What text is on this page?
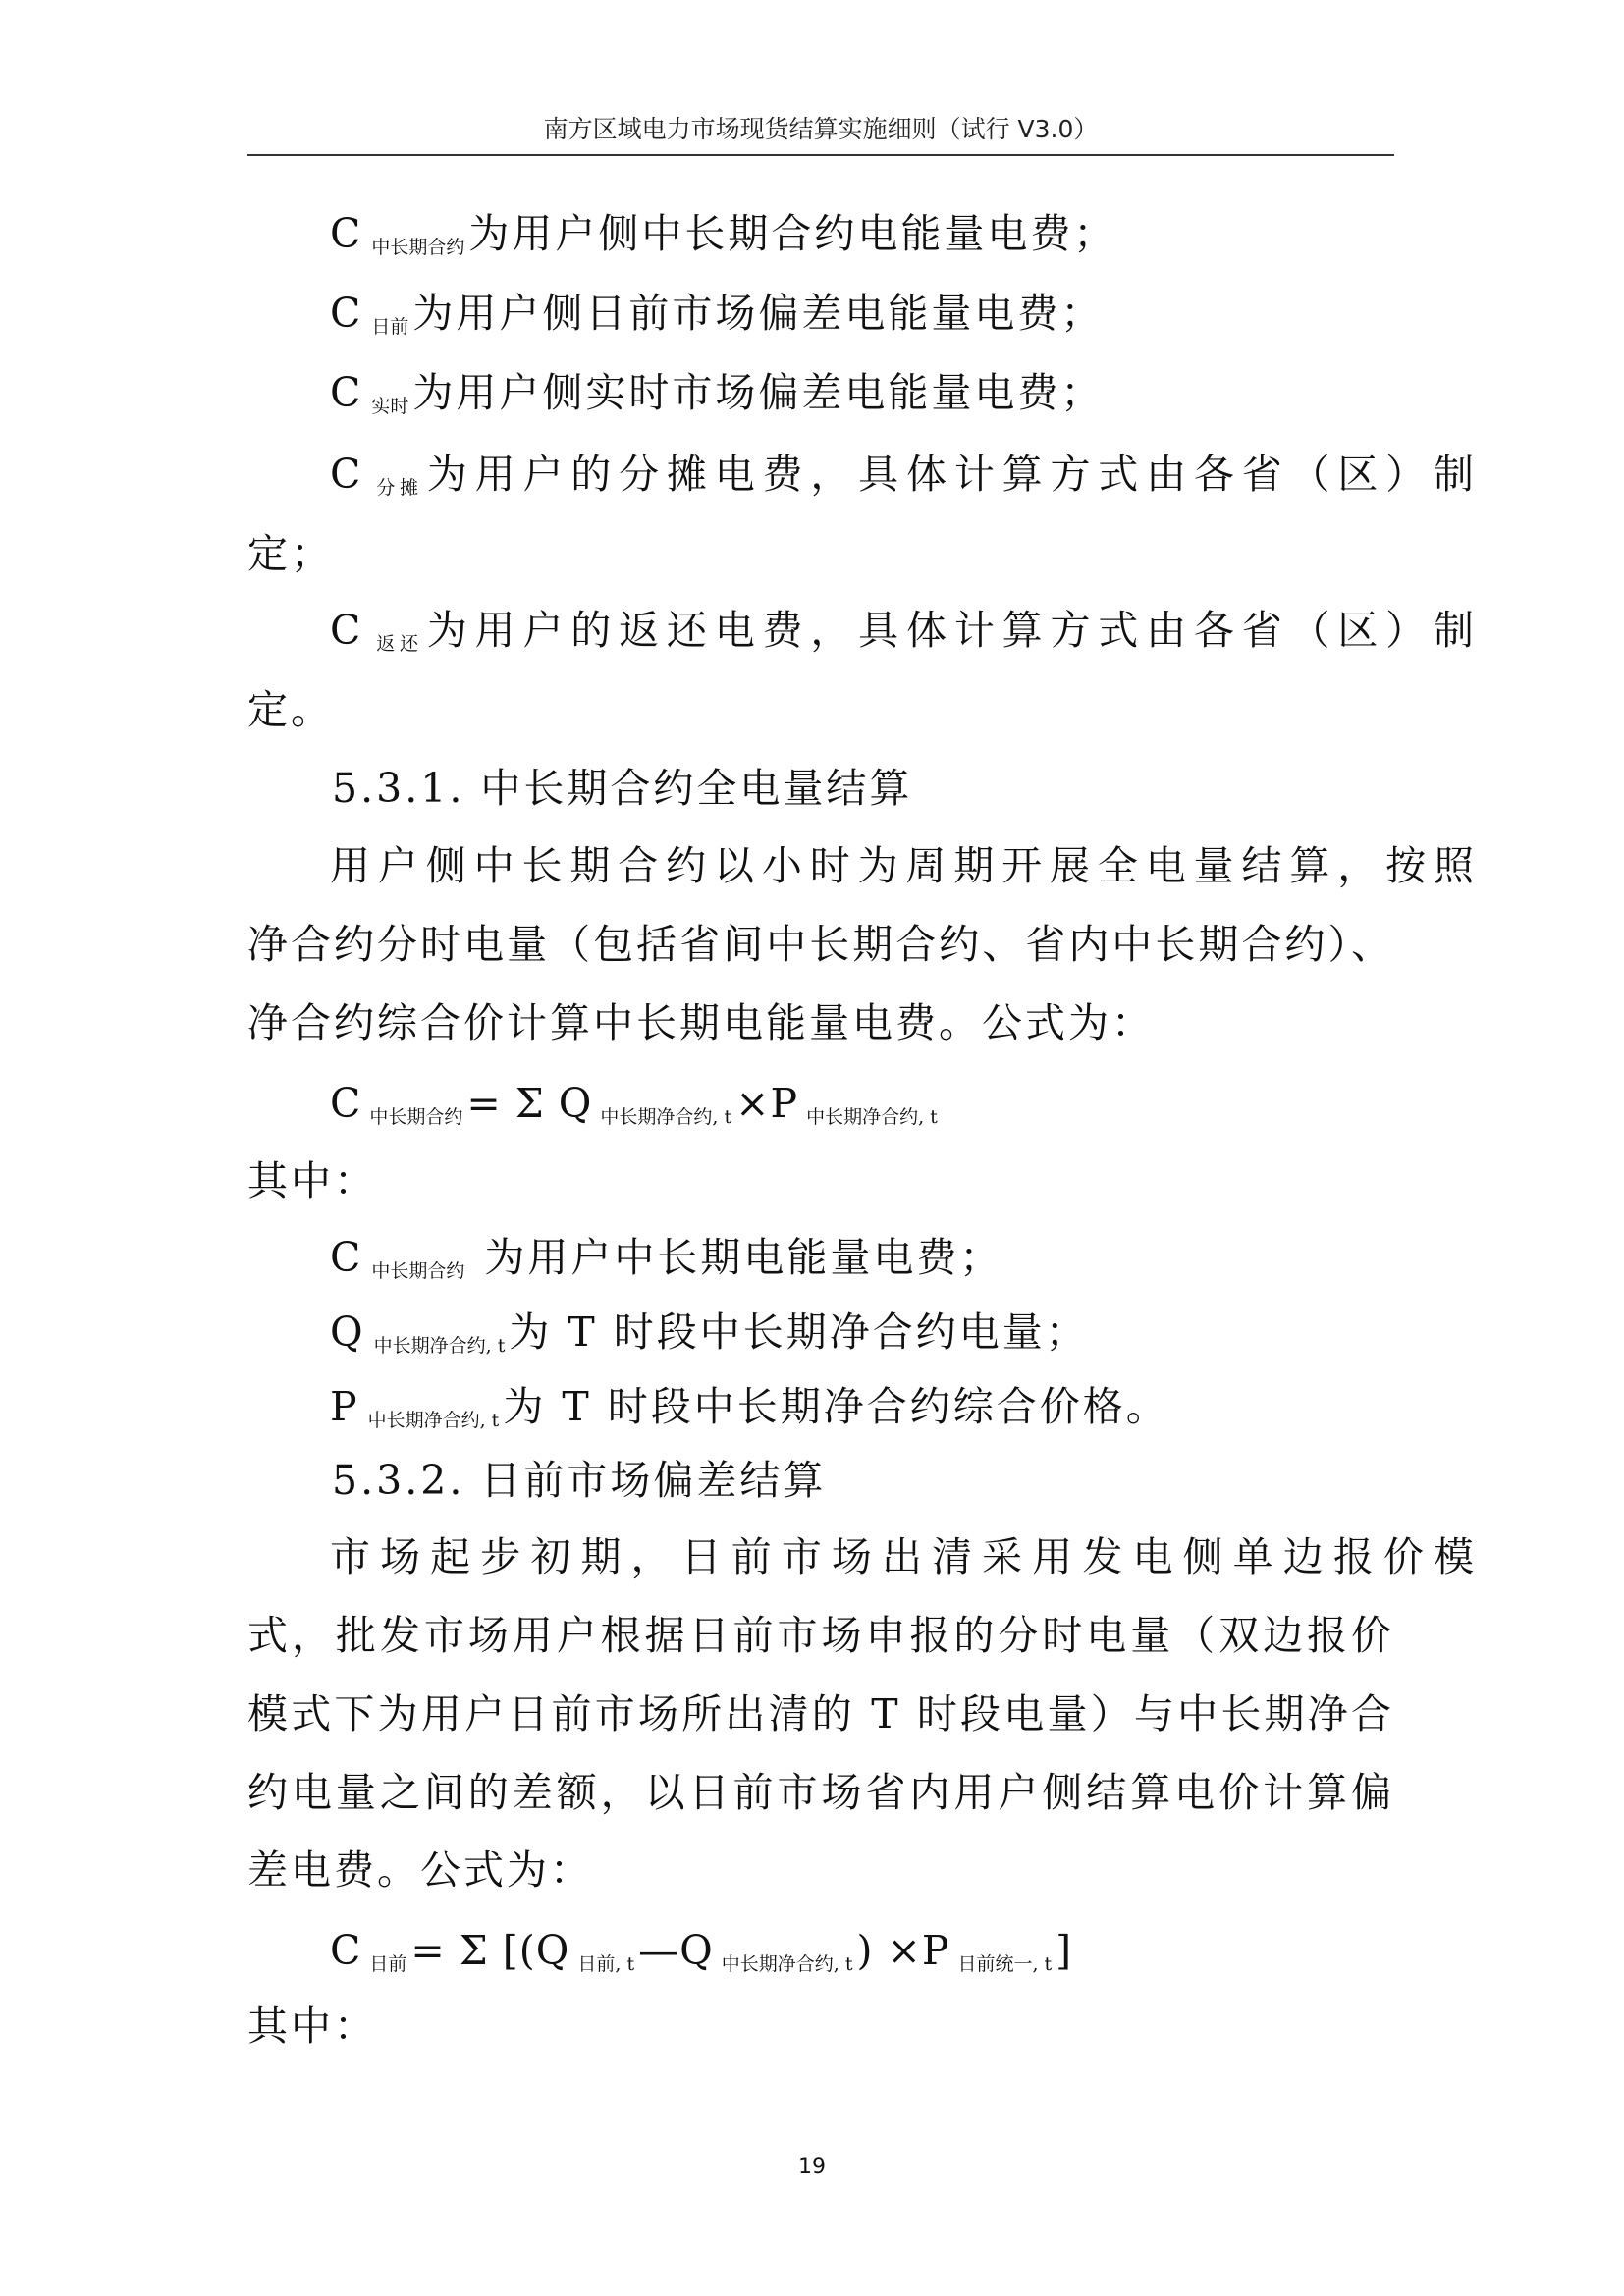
南方区域电力市场现货结算实施细则（试行 V3.0）
C $_{中长期合约}$为用户侧中长期合约电能量电费；
C $_{日前}$为用户侧日前市场偏差电能量电费；
C $_{实时}$为用户侧实时市场偏差电能量电费；
C $_{分摊}$为用户的分摊电费，具体计算方式由各省（区）制
定；
C $_{返还}$为用户的返还电费，具体计算方式由各省（区）制
定。
5.3.1. 中长期合约全电量结算
用户侧中长期合约以小时为周期开展全电量结算，按照
净合约分时电量（包括省间中长期合约、省内中长期合约）、
净合约综合价计算中长期电能量电费。公式为：
C $_{中长期合约}$= Σ Q $_{中长期净合约, t}$×P $_{中长期净合约, t}$
其中：
C $_{中长期合约}$ 为用户中长期电能量电费；
Q $_{中长期净合约, t}$为 T 时段中长期净合约电量；
P $_{中长期净合约, t}$为 T 时段中长期净合约综合价格。
5.3.2. 日前市场偏差结算
市场起步初期，日前市场出清采用发电侧单边报价模
式，批发市场用户根据日前市场申报的分时电量（双边报价
模式下为用户日前市场所出清的 T 时段电量）与中长期净合
约电量之间的差额，以日前市场省内用户侧结算电价计算偏
差电费。公式为：
C $_{日前}$= Σ [(Q $_{日前, t}$—Q $_{中长期净合约, t}$) ×P $_{日前统一, t}$]
其中：
19
